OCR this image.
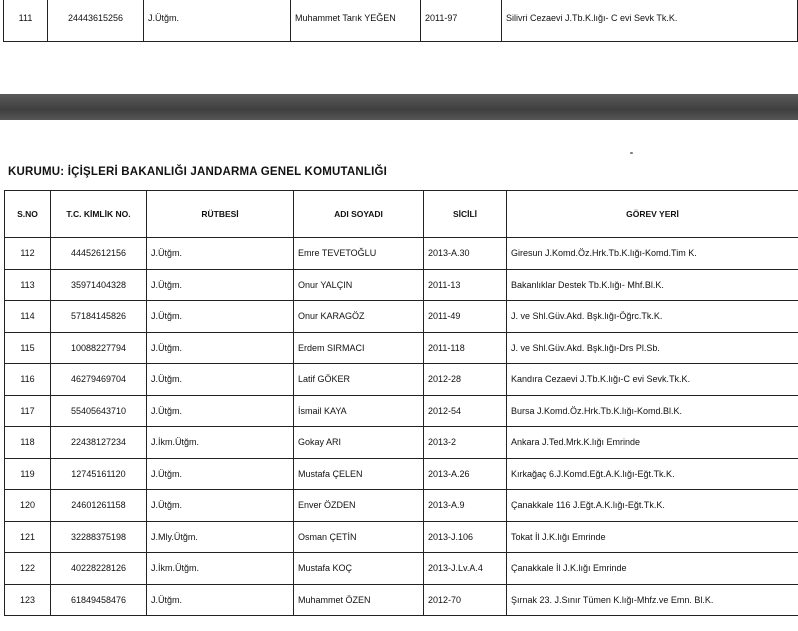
111	24443615256	J.Ütğm.	Muhammet Tarık YEĞEN	2011-97	Silivri Cezaevi J.Tb.K.lığı- C evi Sevk Tk.K.
KURUMU: İÇİŞLERİ BAKANLIĞI JANDARMA GENEL KOMUTANLIĞI
S.NO	T.C. KİMLİK NO.	RÜTBESİ	ADI SOYADI	SİCİLİ	GÖREV YERİ
112	44452612156	J.Ütğm.	Emre TEVETOĞLU	2013-A.30	Giresun J.Komd.Öz.Hrk.Tb.K.lığı-Komd.Tim K.
113	35971404328	J.Ütğm.	Onur YALÇIN	2011-13	Bakanlıklar Destek Tb.K.lığı- Mhf.Bl.K.
114	57184145826	J.Ütğm.	Onur KARAGÖZ	2011-49	J. ve Shl.Güv.Akd. Bşk.lığı-Öğrc.Tk.K.
115	10088227794	J.Ütğm.	Erdem SIRMACI	2011-118	J. ve Shl.Güv.Akd. Bşk.lığı-Drs Pl.Sb.
116	46279469704	J.Ütğm.	Latif GÖKER	2012-28	Kandıra Cezaevi J.Tb.K.lığı-C evi Sevk.Tk.K.
117	55405643710	J.Ütğm.	İsmail KAYA	2012-54	Bursa J.Komd.Öz.Hrk.Tb.K.lığı-Komd.Bl.K.
118	22438127234	J.İkm.Ütğm.	Gokay ARI	2013-2	Ankara J.Ted.Mrk.K.lığı Emrinde
119	12745161120	J.Ütğm.	Mustafa ÇELEN	2013-A.26	Kırkağaç 6.J.Komd.Eğt.A.K.lığı-Eğt.Tk.K.
120	24601261158	J.Ütğm.	Enver ÖZDEN	2013-A.9	Çanakkale 116 J.Eğt.A.K.lığı-Eğt.Tk.K.
121	32288375198	J.Mly.Ütğm.	Osman ÇETİN	2013-J.106	Tokat İl J.K.lığı Emrinde
122	40228228126	J.İkm.Ütğm.	Mustafa KOÇ	2013-J.Lv.A.4	Çanakkale İl J.K.lığı Emrinde
123	61849458476	J.Ütğm.	Muhammet ÖZEN	2012-70	Şırnak 23. J.Sınır Tümen K.lığı-Mhfz.ve Emn. Bl.K.
